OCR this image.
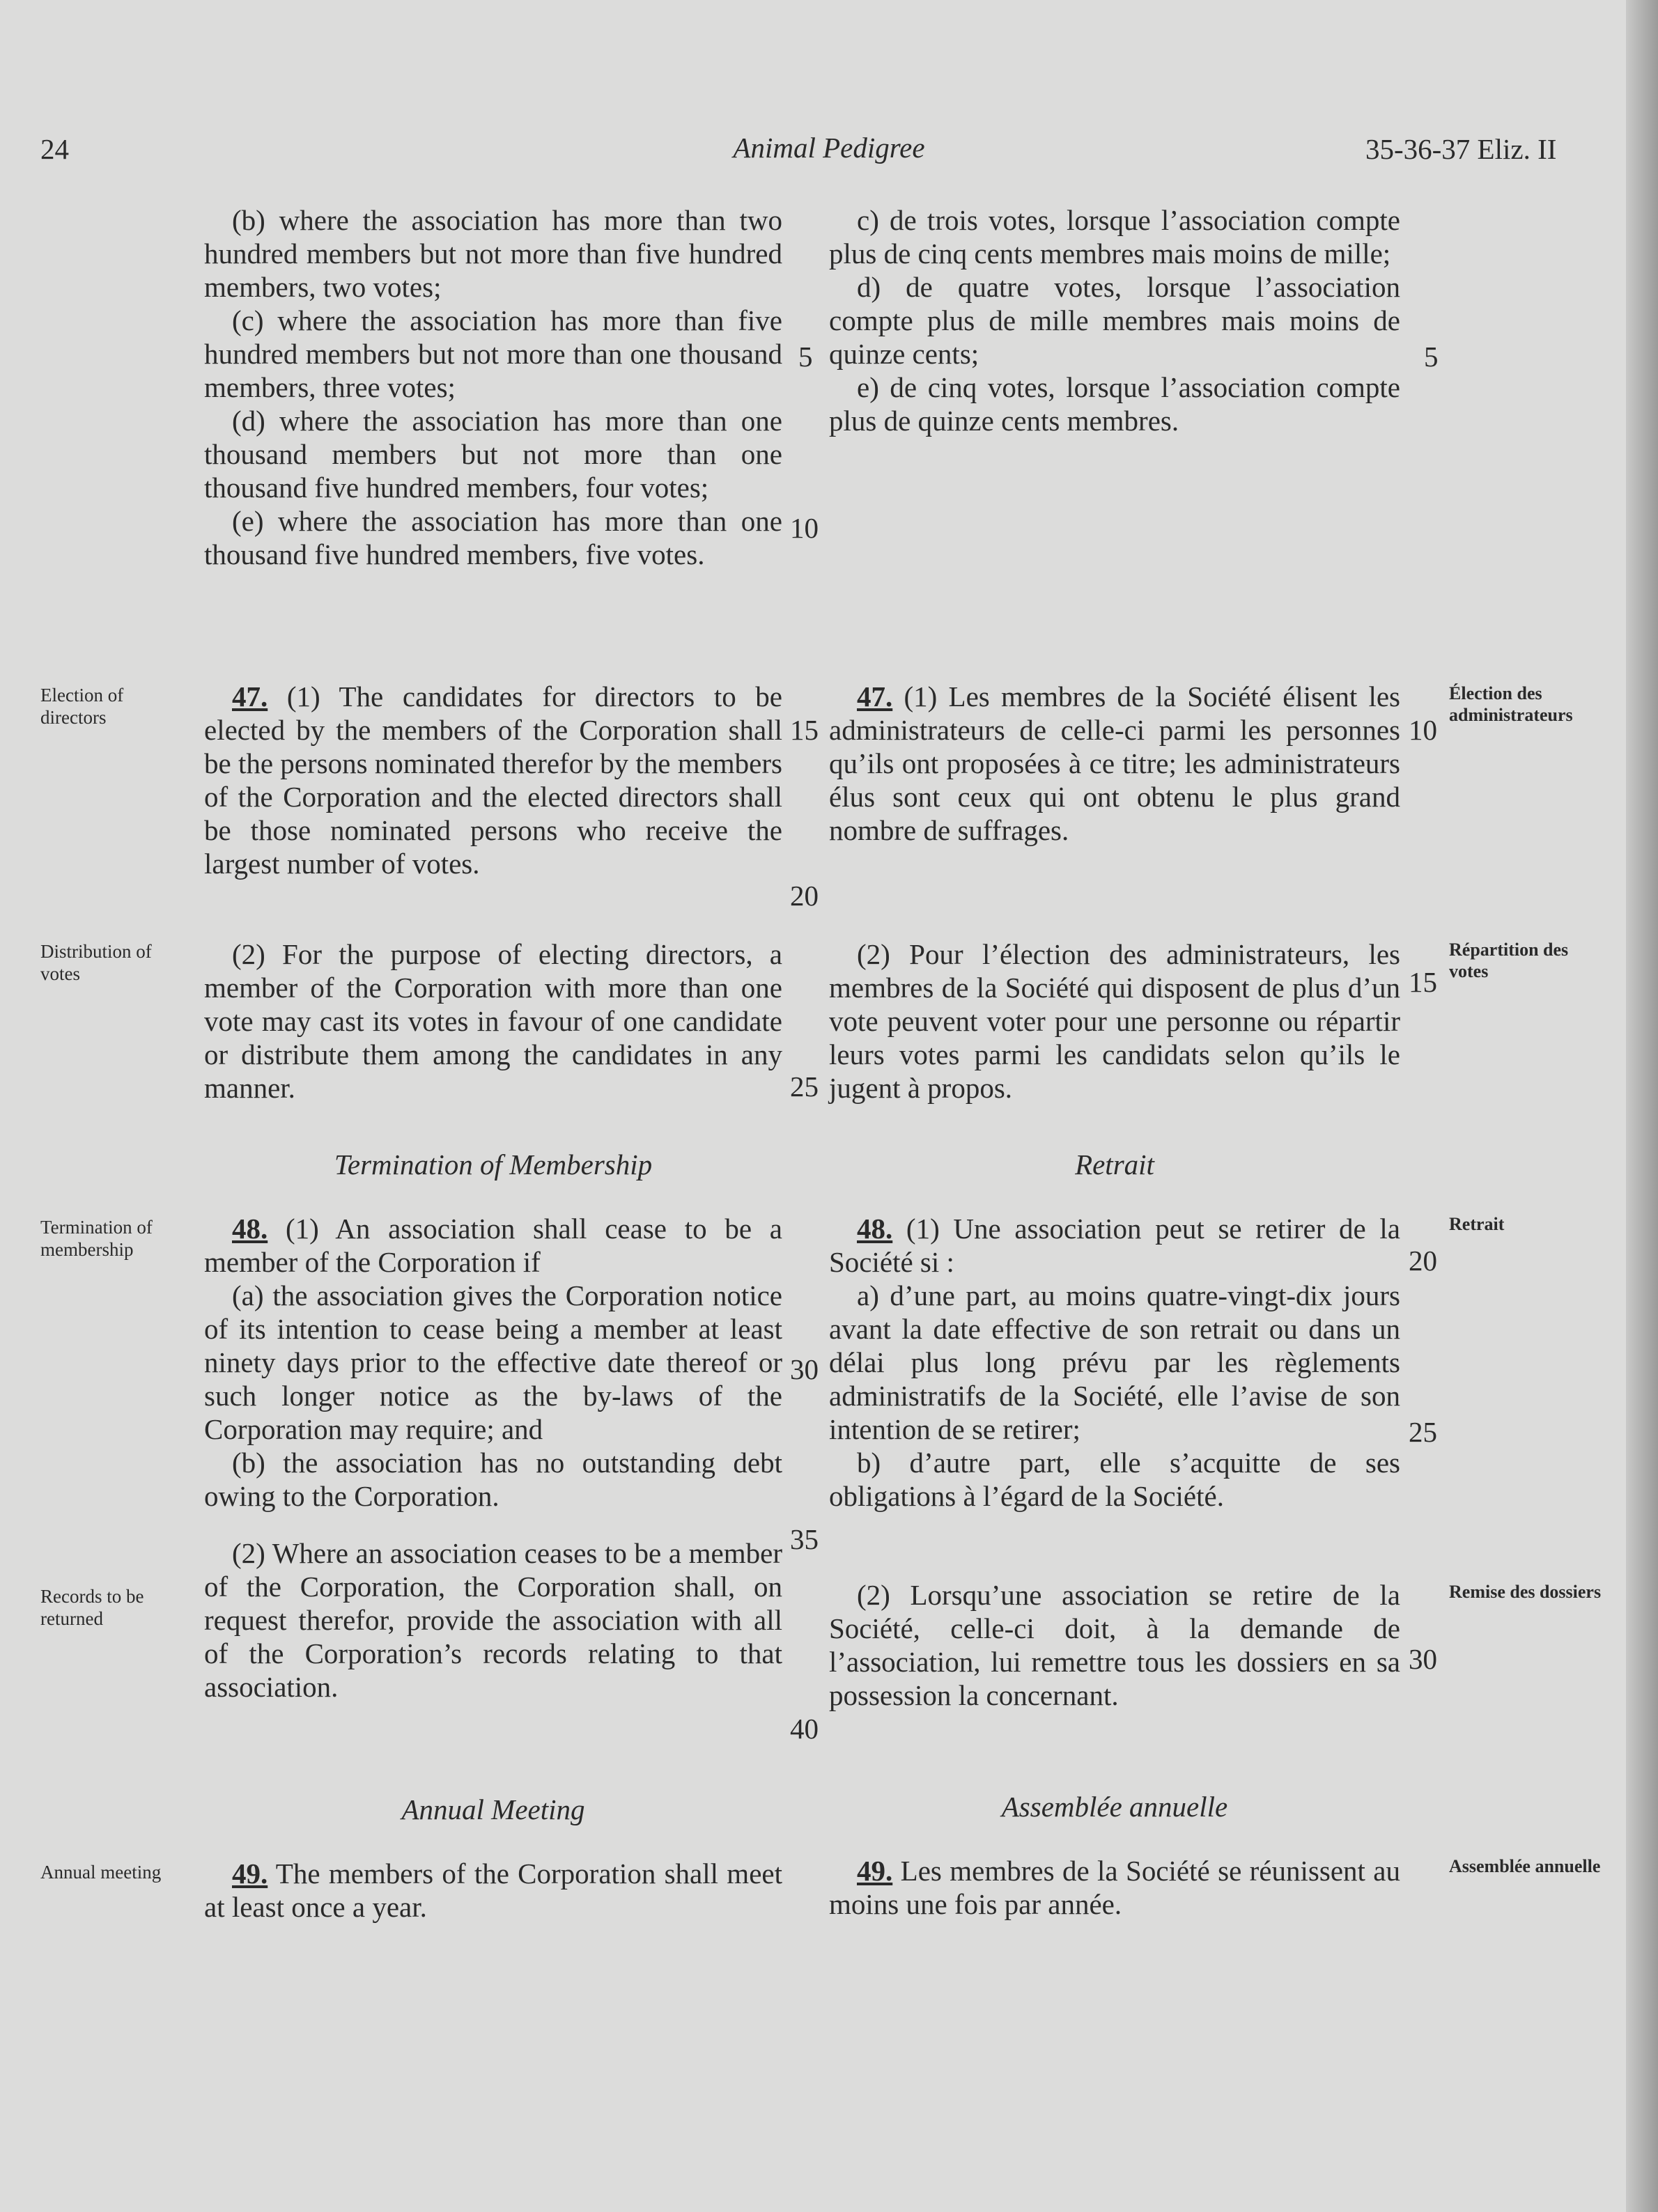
24	Animal Pedigree	35-36-37 Eliz. II

(b) where the association has more than two hundred members but not more than five hundred members, two votes;

(c) where the association has more than five hundred members but not more than one thousand members, three votes;

(d) where the association has more than one thousand members but not more than one thousand five hundred members, four votes;

(e) where the association has more than one thousand five hundred members, five votes.

c) de trois votes, lorsque l’association compte plus de cinq cents membres mais moins de mille;

d) de quatre votes, lorsque l’association compte plus de mille membres mais moins de quinze cents;

e) de cinq votes, lorsque l’association compte plus de quinze cents membres.

47. (1) The candidates for directors to be elected by the members of the Corporation shall be the persons nominated therefor by the members of the Corporation and the elected directors shall be those nominated persons who receive the largest number of votes.

47. (1) Les membres de la Société élisent les administrateurs de celle-ci parmi les personnes qu’ils ont proposées à ce titre; les administrateurs élus sont ceux qui ont obtenu le plus grand nombre de suffrages.

(2) For the purpose of electing directors, a member of the Corporation with more than one vote may cast its votes in favour of one candidate or distribute them among the candidates in any manner.

(2) Pour l’élection des administrateurs, les membres de la Société qui disposent de plus d’un vote peuvent voter pour une personne ou répartir leurs votes parmi les candidats selon qu’ils le jugent à propos.

Termination of Membership	Retrait

48. (1) An association shall cease to be a member of the Corporation if

(a) the association gives the Corporation notice of its intention to cease being a member at least ninety days prior to the effective date thereof or such longer notice as the by-laws of the Corporation may require; and

(b) the association has no outstanding debt owing to the Corporation.

(2) Where an association ceases to be a member of the Corporation, the Corporation shall, on request therefor, provide the association with all of the Corporation’s records relating to that association.

48. (1) Une association peut se retirer de la Société si :

a) d’une part, au moins quatre-vingt-dix jours avant la date effective de son retrait ou dans un délai plus long prévu par les règlements administratifs de la Société, elle l’avise de son intention de se retirer;

b) d’autre part, elle s’acquitte de ses obligations à l’égard de la Société.

(2) Lorsqu’une association se retire de la Société, celle-ci doit, à la demande de l’association, lui remettre tous les dossiers en sa possession la concernant.

Annual Meeting	Assemblée annuelle

49. The members of the Corporation shall meet at least once a year.

49. Les membres de la Société se réunissent au moins une fois par année.

Election of directors

Distribution of votes

Termination of membership

Records to be returned

Annual meeting

Élection des administrateurs

Répartition des votes

Retrait

Remise des dossiers

Assemblée annuelle

5

10

15

20

25

30

35

40

5

10

15

20

25

30
